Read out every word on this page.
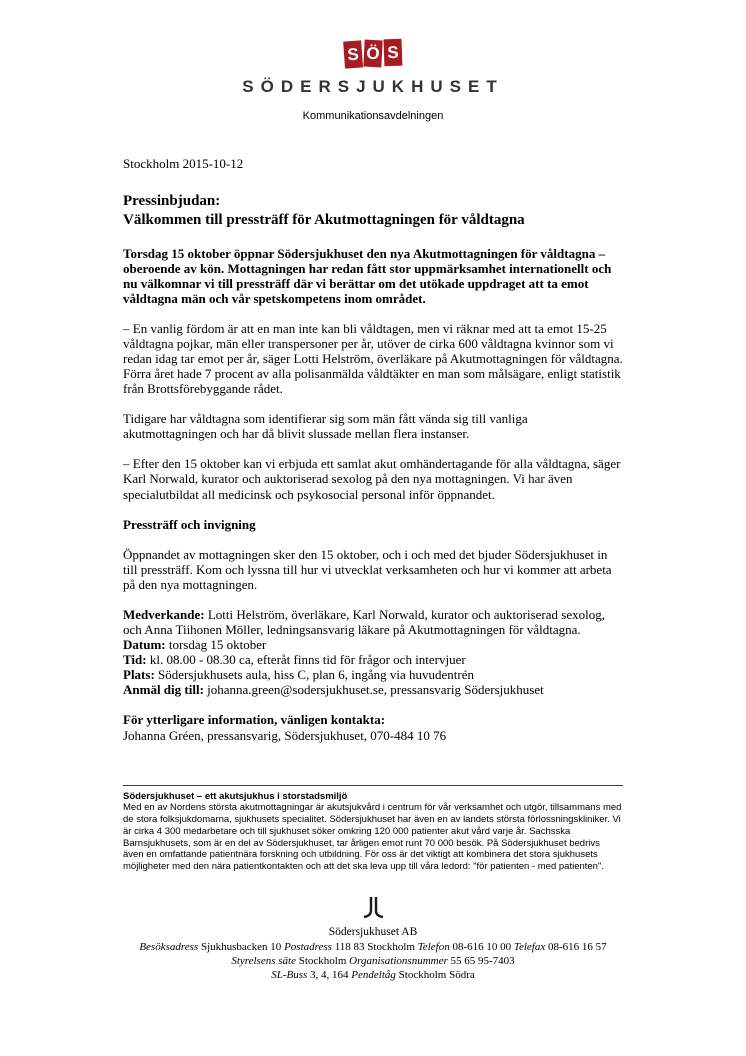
S Ö S
SÖDERSJUKHUSET
Kommunikationsavdelningen

Stockholm 2015-10-12

Pressinbjudan:
Välkommen till pressträff för Akutmottagningen för våldtagna

Torsdag 15 oktober öppnar Södersjukhuset den nya Akutmottagningen för våldtagna – oberoende av kön. Mottagningen har redan fått stor uppmärksamhet internationellt och nu välkomnar vi till pressträff där vi berättar om det utökade uppdraget att ta emot våldtagna män och vår spetskompetens inom området.

– En vanlig fördom är att en man inte kan bli våldtagen, men vi räknar med att ta emot 15-25 våldtagna pojkar, män eller transpersoner per år, utöver de cirka 600 våldtagna kvinnor som vi redan idag tar emot per år, säger Lotti Helström, överläkare på Akutmottagningen för våldtagna. Förra året hade 7 procent av alla polisanmälda våldtäkter en man som målsägare, enligt statistik från Brottsförebyggande rådet.

Tidigare har våldtagna som identifierar sig som män fått vända sig till vanliga akutmottagningen och har då blivit slussade mellan flera instanser.

– Efter den 15 oktober kan vi erbjuda ett samlat akut omhändertagande för alla våldtagna, säger Karl Norwald, kurator och auktoriserad sexolog på den nya mottagningen. Vi har även specialutbildat all medicinsk och psykosocial personal inför öppnandet.

Pressträff och invigning

Öppnandet av mottagningen sker den 15 oktober, och i och med det bjuder Södersjukhuset in till pressträff. Kom och lyssna till hur vi utvecklat verksamheten och hur vi kommer att arbeta på den nya mottagningen.

Medverkande: Lotti Helström, överläkare, Karl Norwald, kurator och auktoriserad sexolog, och Anna Tiihonen Möller, ledningsansvarig läkare på Akutmottagningen för våldtagna.

Datum: torsdag 15 oktober

Tid: kl. 08.00 - 08.30 ca, efteråt finns tid för frågor och intervjuer

Plats: Södersjukhusets aula, hiss C, plan 6, ingång via huvudentrén

Anmäl dig till: johanna.green@sodersjukhuset.se, pressansvarig Södersjukhuset

För ytterligare information, vänligen kontakta:

Johanna Gréen, pressansvarig, Södersjukhuset, 070-484 10 76

Södersjukhuset – ett akutsjukhus i storstadsmiljö

Med en av Nordens största akutmottagningar är akutsjukvård i centrum för vår verksamhet och utgör, tillsammans med de stora folksjukdomarna, sjukhusets specialitet. Södersjukhuset har även en av landets största förlossningskliniker. Vi är cirka 4 300 medarbetare och till sjukhuset söker omkring 120 000 patienter akut vård varje år. Sachsska Barnsjukhusets, som är en del av Södersjukhuset, tar årligen emot runt 70 000 besök. På Södersjukhuset bedrivs även en omfattande patientnära forskning och utbildning. För oss är det viktigt att kombinera det stora sjukhusets möjligheter med den nära patientkontakten och att det ska leva upp till våra ledord: "för patienten - med patienten".

Södersjukhuset AB
Besöksadress Sjukhusbacken 10 Postadress 118 83 Stockholm Telefon 08-616 10 00 Telefax 08-616 16 57
Styrelsens säte Stockholm Organisationsnummer 55 65 95-7403
SL-Buss 3, 4, 164 Pendeltåg Stockholm Södra
